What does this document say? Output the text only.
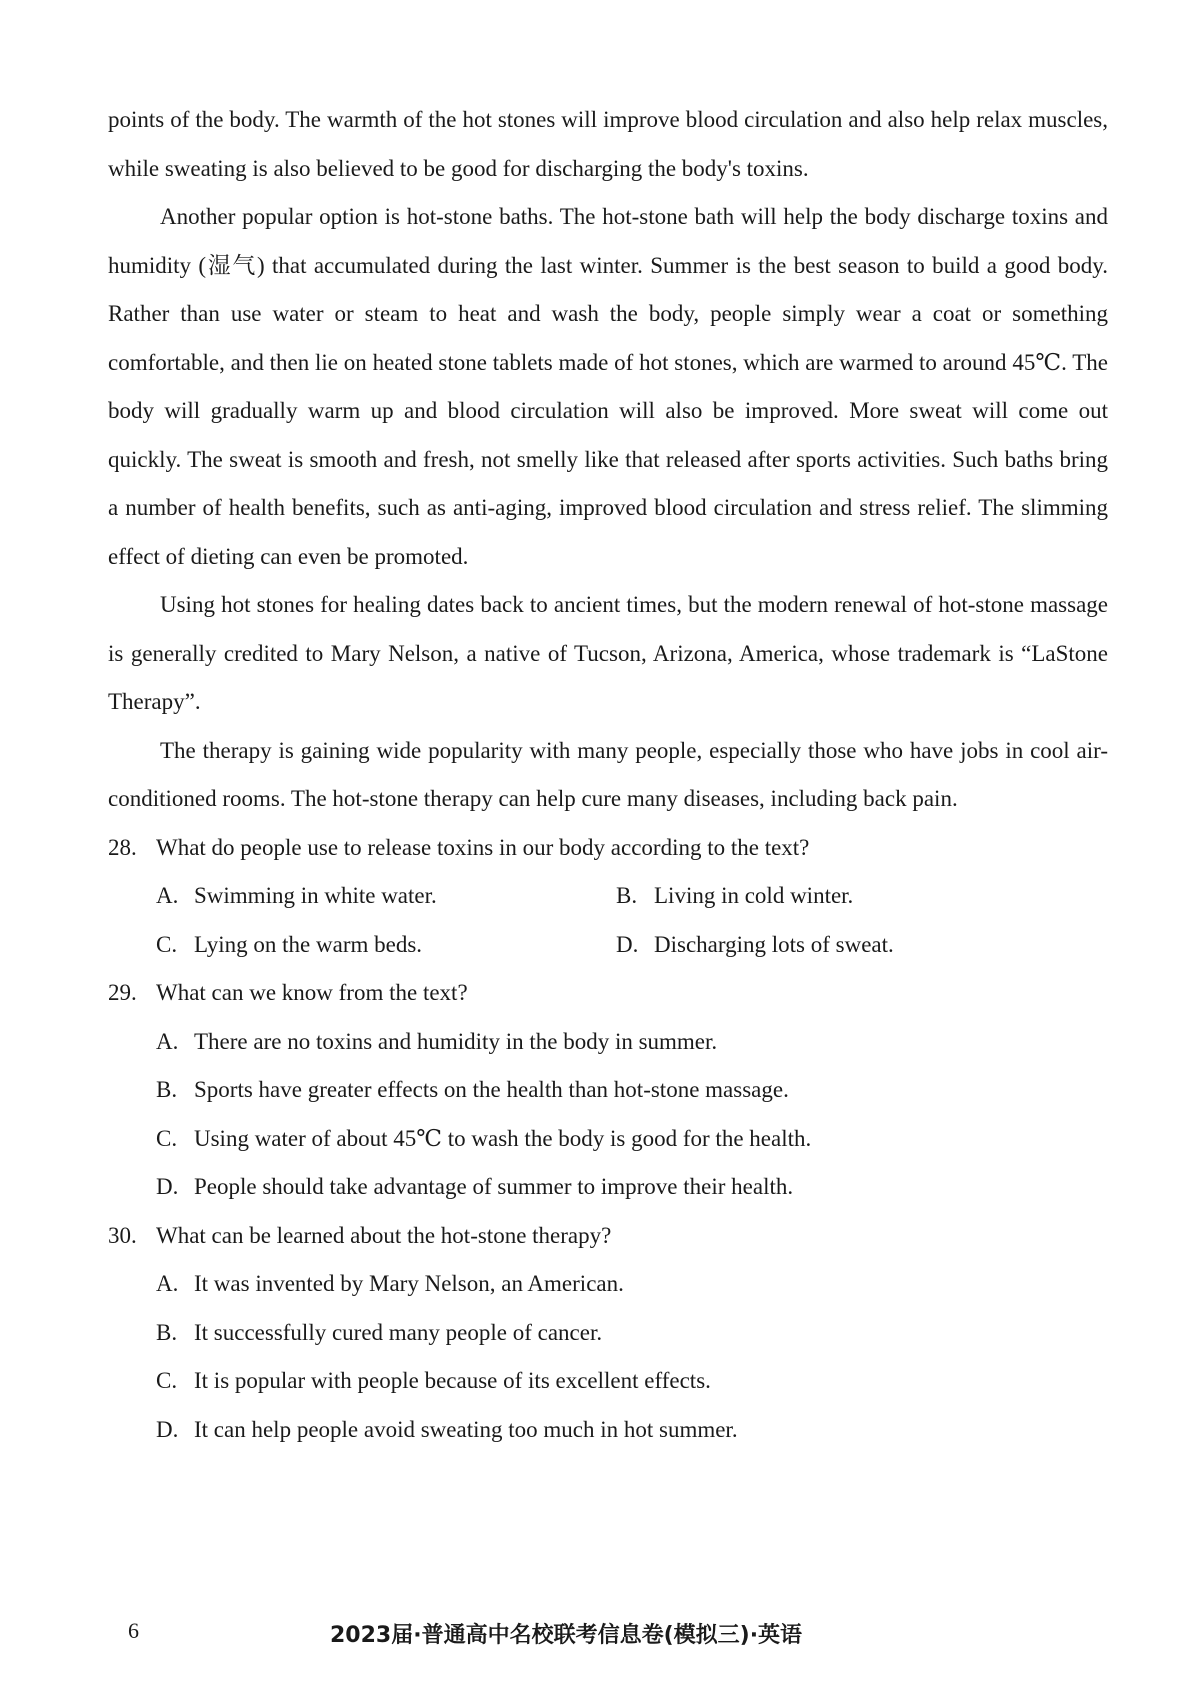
points of the body. The warmth of the hot stones will improve blood circulation and also help relax muscles, while sweating is also believed to be good for discharging the body's toxins.

Another popular option is hot-stone baths. The hot-stone bath will help the body discharge toxins and humidity (湿气) that accumulated during the last winter. Summer is the best season to build a good body. Rather than use water or steam to heat and wash the body, people simply wear a coat or something comfortable, and then lie on heated stone tablets made of hot stones, which are warmed to around 45℃. The body will gradually warm up and blood circulation will also be improved. More sweat will come out quickly. The sweat is smooth and fresh, not smelly like that released after sports activities. Such baths bring a number of health benefits, such as anti-aging, improved blood circulation and stress relief. The slimming effect of dieting can even be promoted.

Using hot stones for healing dates back to ancient times, but the modern renewal of hot-stone massage is generally credited to Mary Nelson, a native of Tucson, Arizona, America, whose trademark is “LaStone Therapy”.

The therapy is gaining wide popularity with many people, especially those who have jobs in cool air-conditioned rooms. The hot-stone therapy can help cure many diseases, including back pain.

28. What do people use to release toxins in our body according to the text?

A. Swimming in white water.	B. Living in cold winter.

C. Lying on the warm beds.	D. Discharging lots of sweat.

29. What can we know from the text?

A. There are no toxins and humidity in the body in summer.

B. Sports have greater effects on the health than hot-stone massage.

C. Using water of about 45℃ to wash the body is good for the health.

D. People should take advantage of summer to improve their health.

30. What can be learned about the hot-stone therapy?

A. It was invented by Mary Nelson, an American.

B. It successfully cured many people of cancer.

C. It is popular with people because of its excellent effects.

D. It can help people avoid sweating too much in hot summer.

6	2023届·普通高中名校联考信息卷(模拟三)·英语
